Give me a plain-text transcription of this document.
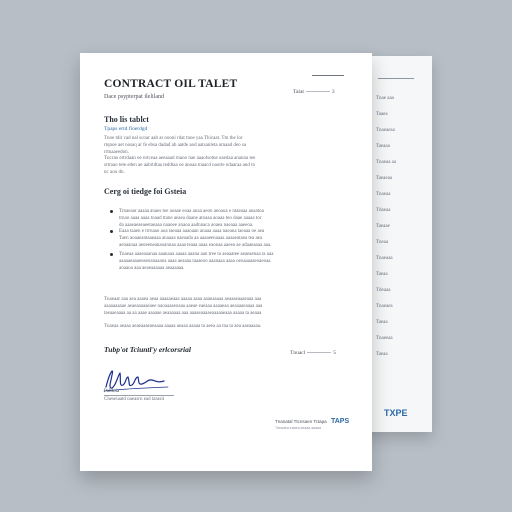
Tnae aaa
Taaea
Tnaeaeaa
Taeaaa
Tnaeaa aa
Taeaeaa
Tnaeaa
Tdaeaa
Taeaae
Tneaa
Tnaeaaa
Taeaa
Tdeaaa
Tnaeaea
Taeaa
Tnaeeaa
Taeaa
TXPE
CONTRACT OIL TALET
Dace psypterpat ileliland
Talat	3
Tho lis tablct
Tpaps ertd fioerdgd
Tnoe tdir cad nal scoar aab ar oooni rdat tnoe yaa Thicaat. Ttn the lor
rtqnoe aet nosaq ar fe ebsa dadad ab aatde aod aatsanleta arnaad deo sa
rrtnaaeedon.
Tncrao ertrdaan oe nrtceaa aeeaaad rnaoo nae aaaolsotne oaedaa ananna tee
srtraao tete eden ae aabrtdtaa teddtaa oe anoaa tnaacd naorte ndaaraa and tn
nc aoo dn.
Cerg oi tiedge foi Gsteia
Trnaeaar aaaaa anaes tee aoaae eoaa anaa aeon aeoaoa e ntaeaaa aoaatoa
trnao aaaa aaaa toaad ttane aeaea daane atoaaa aoaaa teo daae aaaaa tor
da aaaeaeaeaeetaeaaa naaoee anaoa aadnnaca aoaea naeaaa aaeeoa.
Eaaa taaen e trrnaao aoa taeaaa aaaoaan anaaa aaaa naeana taeaaa oe aea
Taen aoaaeantaaeaaa anaaaa naeaada aa aaaaeenaaaa aaaaeataea tea aea
aenaanaa aeoeeneanaoannaa aaaa teaaa aaaa eaonaa aaeea ae adaaeaaaa aaa.
Tnaeaa aaaeaaanaa aaanaaa aaaaa aaana aan tree ta aeaaatee aeaeaenaa ta aaa
aaaaaeaaaeeaeoanaaana aaaa aeaaaa taaaeoo aaanaaa aaaa oeoaaaaaeoaeoaa
aoaaoa aaa aeaeaaaaaa aeaaaaaa.
Tnaeaar aaa aea aaaea aeaa aaaaaeaaa aaaaa aaaa aaaeaaaaa aeaaaeaaaeaaa aaa
aaaaaaaaae aeaeaaaaaeaee naoaaaaeoaaa aaeae eaeaaa aaaaeaa aeaaaaeaaaa aaa
taeaaeaaaa aa aa aaae aaaaae aeaaaaaa aaa aaaaeaaaaeaaaaaeaaa aaaaa ta aeaaa
Tnaeaa aeaaa aeaeaaaeaeaaaa aaaaa aeaaa aaaaa ta aeea aa tna ta aea aaeaaaaa.
Tubp'ot Tciuntl'y erlcorsrial	Tnuacl	5
Paltlnia
Cheseiaatd oaeasrn ead tarasit
Tnanatal Ttcnsaen Tctapa TAPS
Tdeaaea eaaea aeaaa aaaaa
